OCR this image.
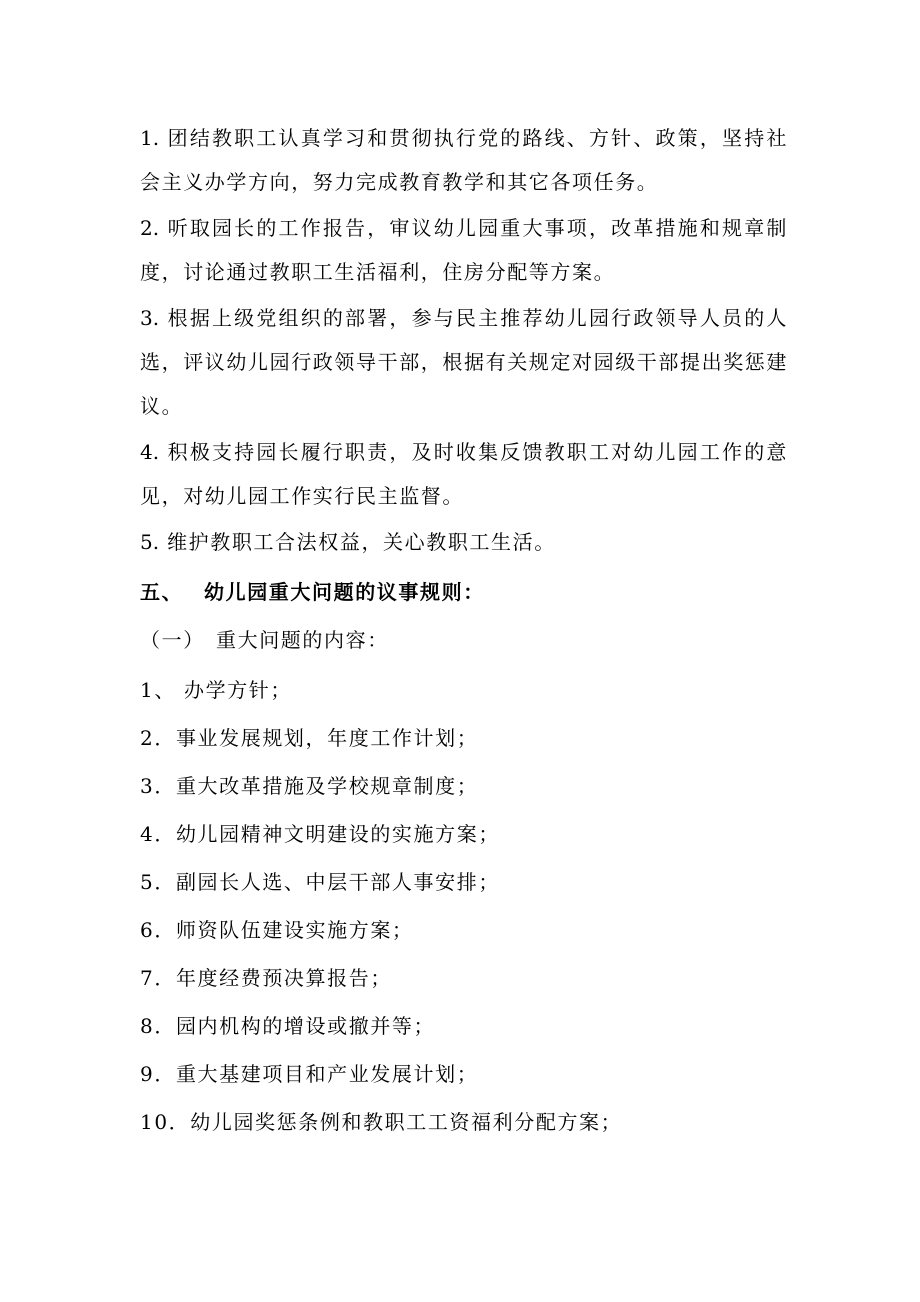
1. 团结教职工认真学习和贯彻执行党的路线、方针、政策，坚持社会主义办学方向，努力完成教育教学和其它各项任务。

2. 听取园长的工作报告，审议幼儿园重大事项，改革措施和规章制度，讨论通过教职工生活福利，住房分配等方案。

3. 根据上级党组织的部署，参与民主推荐幼儿园行政领导人员的人选，评议幼儿园行政领导干部，根据有关规定对园级干部提出奖惩建议。

4. 积极支持园长履行职责，及时收集反馈教职工对幼儿园工作的意见，对幼儿园工作实行民主监督。

5. 维护教职工合法权益，关心教职工生活。

五、 幼儿园重大问题的议事规则：

（一） 重大问题的内容：

1、 办学方针；

2．事业发展规划，年度工作计划；

3．重大改革措施及学校规章制度；

4．幼儿园精神文明建设的实施方案；

5．副园长人选、中层干部人事安排；

6．师资队伍建设实施方案；

7．年度经费预决算报告；

8．园内机构的增设或撤并等；

9．重大基建项目和产业发展计划；

10．幼儿园奖惩条例和教职工工资福利分配方案；
